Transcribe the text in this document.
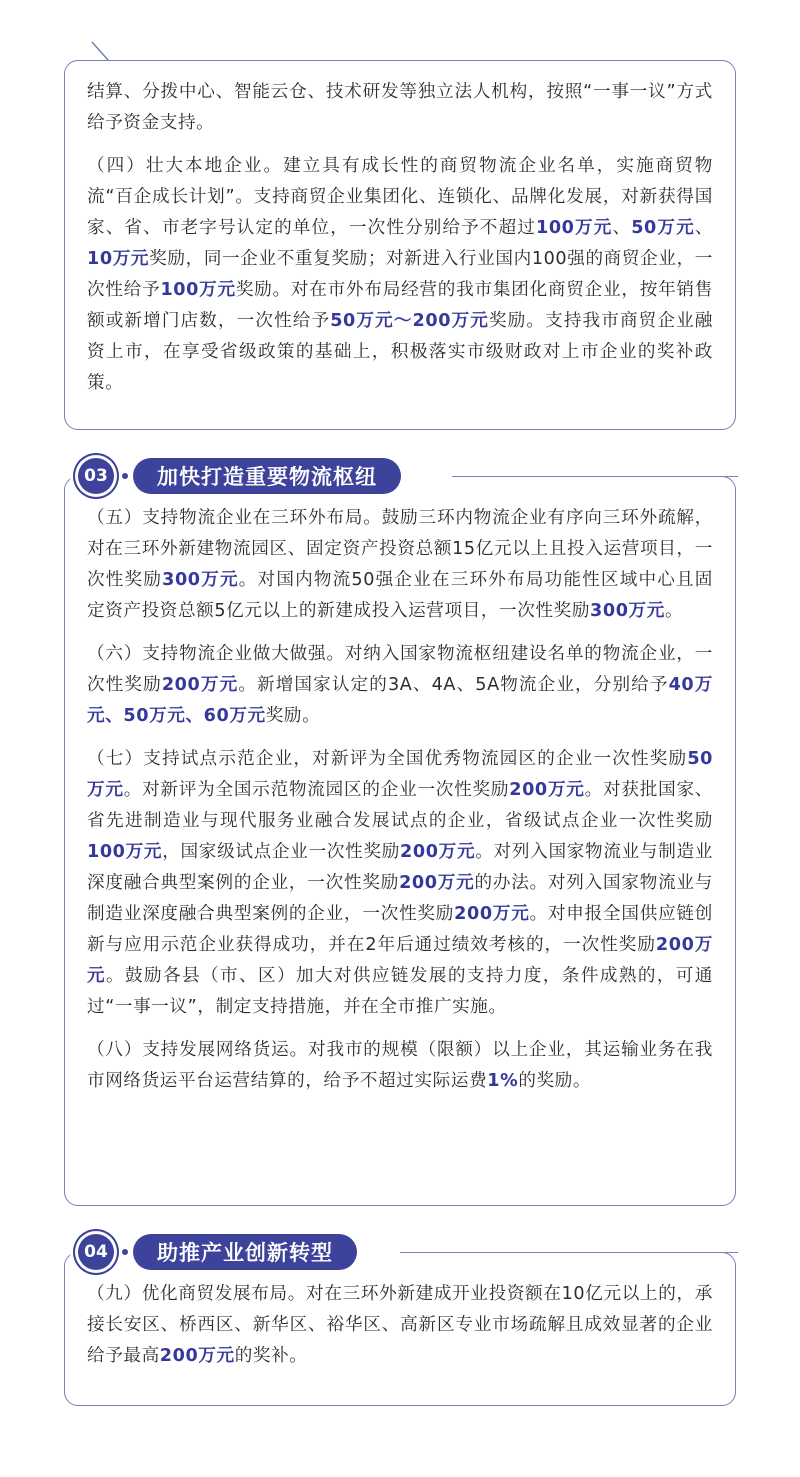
结算、分拨中心、智能云仓、技术研发等独立法人机构，按照“一事一议”方式给予资金支持。

（四）壮大本地企业。建立具有成长性的商贸物流企业名单，实施商贸物流“百企成长计划”。支持商贸企业集团化、连锁化、品牌化发展，对新获得国家、省、市老字号认定的单位，一次性分别给予不超过100万元、50万元、10万元奖励，同一企业不重复奖励；对新进入行业国内100强的商贸企业，一次性给予100万元奖励。对在市外布局经营的我市集团化商贸企业，按年销售额或新增门店数，一次性给予50万元～200万元奖励。支持我市商贸企业融资上市，在享受省级政策的基础上，积极落实市级财政对上市企业的奖补政策。

（五）支持物流企业在三环外布局。鼓励三环内物流企业有序向三环外疏解，对在三环外新建物流园区、固定资产投资总额15亿元以上且投入运营项目，一次性奖励300万元。对国内物流50强企业在三环外布局功能性区域中心且固定资产投资总额5亿元以上的新建成投入运营项目，一次性奖励300万元。

（六）支持物流企业做大做强。对纳入国家物流枢纽建设名单的物流企业，一次性奖励200万元。新增国家认定的3A、4A、5A物流企业，分别给予40万元、50万元、60万元奖励。

（七）支持试点示范企业，对新评为全国优秀物流园区的企业一次性奖励50万元。对新评为全国示范物流园区的企业一次性奖励200万元。对获批国家、省先进制造业与现代服务业融合发展试点的企业，省级试点企业一次性奖励100万元，国家级试点企业一次性奖励200万元。对列入国家物流业与制造业深度融合典型案例的企业，一次性奖励200万元的办法。对列入国家物流业与制造业深度融合典型案例的企业，一次性奖励200万元。对申报全国供应链创新与应用示范企业获得成功，并在2年后通过绩效考核的，一次性奖励200万元。鼓励各县（市、区）加大对供应链发展的支持力度，条件成熟的，可通过“一事一议”，制定支持措施，并在全市推广实施。

（八）支持发展网络货运。对我市的规模（限额）以上企业，其运输业务在我市网络货运平台运营结算的，给予不超过实际运费1%的奖励。

03	加快打造重要物流枢纽

（九）优化商贸发展布局。对在三环外新建成开业投资额在10亿元以上的，承接长安区、桥西区、新华区、裕华区、高新区专业市场疏解且成效显著的企业给予最高200万元的奖补。

04	助推产业创新转型
